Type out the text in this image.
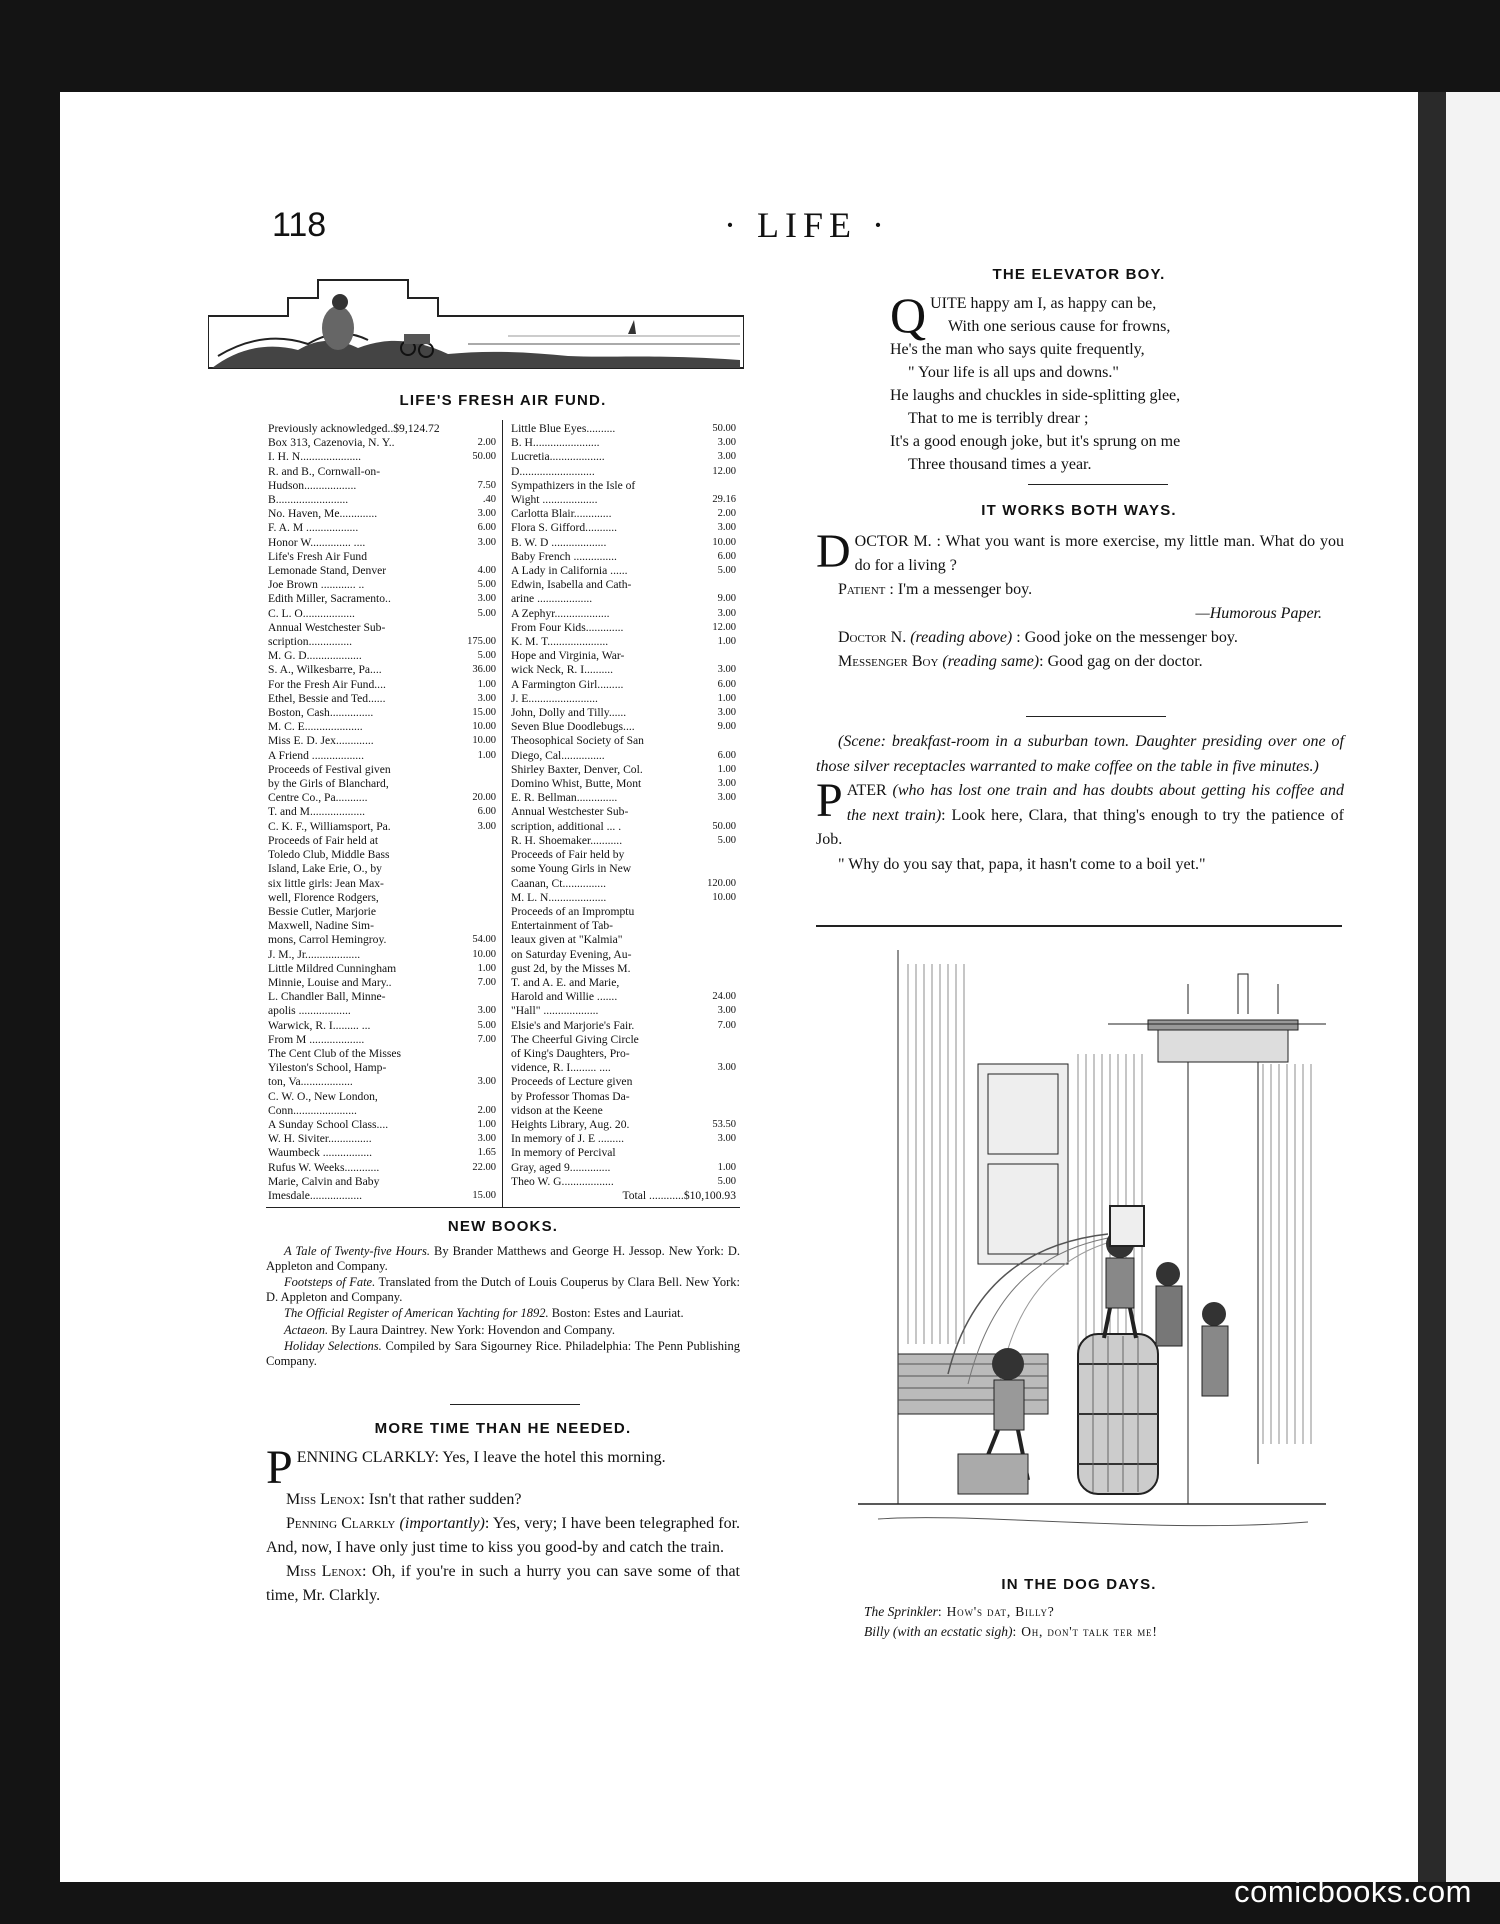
118	· LIFE ·
LIFE'S FRESH AIR FUND.
Previously acknowledged..$9,124.72
Box 313, Cazenovia, N. Y..	2.00
I. H. N.....................	50.00
R. and B., Cornwall-on-
Hudson..................	7.50
B.........................	.40
No. Haven, Me.............	3.00
F. A. M ..................	6.00
Honor W.............. ....	3.00
Life's Fresh Air Fund
Lemonade Stand, Denver	4.00
Joe Brown ............ ..	5.00
Edith Miller, Sacramento..	3.00
C. L. O..................	5.00
Annual Westchester Sub-
scription...............	175.00
M. G. D...................	5.00
S. A., Wilkesbarre, Pa....	36.00
For the Fresh Air Fund....	1.00
Ethel, Bessie and Ted......	3.00
Boston, Cash...............	15.00
M. C. E....................	10.00
Miss E. D. Jex.............	10.00
A Friend ..................	1.00
Proceeds of Festival given
by the Girls of Blanchard,
Centre Co., Pa...........	20.00
T. and M...................	6.00
C. K. F., Williamsport, Pa.	3.00
Proceeds of Fair held at
Toledo Club, Middle Bass
Island, Lake Erie, O., by
six little girls: Jean Max-
well, Florence Rodgers,
Bessie Cutler, Marjorie
Maxwell, Nadine Sim-
mons, Carrol Hemingroy.	54.00
J. M., Jr...................	10.00
Little Mildred Cunningham	1.00
Minnie, Louise and Mary..	7.00
L. Chandler Ball, Minne-
apolis ..................	3.00
Warwick, R. I......... ...	5.00
From M ...................	7.00
The Cent Club of the Misses
Yileston's School, Hamp-
ton, Va..................	3.00
C. W. O., New London,
Conn......................	2.00
A Sunday School Class....	1.00
W. H. Siviter...............	3.00
Waumbeck .................	1.65
Rufus W. Weeks............	22.00
Marie, Calvin and Baby
Imesdale..................	15.00
Little Blue Eyes..........	50.00
B. H.......................	3.00
Lucretia...................	3.00
D..........................	12.00
Sympathizers in the Isle of
Wight ...................	29.16
Carlotta Blair.............	2.00
Flora S. Gifford...........	3.00
B. W. D ...................	10.00
Baby French ...............	6.00
A Lady in California ......	5.00
Edwin, Isabella and Cath-
arine ...................	9.00
A Zephyr...................	3.00
From Four Kids.............	12.00
K. M. T.....................	1.00
Hope and Virginia, War-
wick Neck, R. I..........	3.00
A Farmington Girl.........	6.00
J. E........................	1.00
John, Dolly and Tilly......	3.00
Seven Blue Doodlebugs....	9.00
Theosophical Society of San
Diego, Cal...............	6.00
Shirley Baxter, Denver, Col.	1.00
Domino Whist, Butte, Mont	3.00
E. R. Bellman..............	3.00
Annual Westchester Sub-
scription, additional ... .	50.00
R. H. Shoemaker...........	5.00
Proceeds of Fair held by
some Young Girls in New
Caanan, Ct...............	120.00
M. L. N....................	10.00
Proceeds of an Impromptu
Entertainment of Tab-
leaux given at "Kalmia"
on Saturday Evening, Au-
gust 2d, by the Misses M.
T. and A. E. and Marie,
Harold and Willie .......	24.00
"Hall" ...................	3.00
Elsie's and Marjorie's Fair.	7.00
The Cheerful Giving Circle
of King's Daughters, Pro-
vidence, R. I......... ....	3.00
Proceeds of Lecture given
by Professor Thomas Da-
vidson at the Keene
Heights Library, Aug. 20.	53.50
In memory of J. E .........	3.00
In memory of Percival
Gray, aged 9..............	1.00
Theo W. G..................	5.00
Total ............$10,100.93
NEW BOOKS.

A Tale of Twenty-five Hours. By Brander Matthews and George H. Jessop. New York: D. Appleton and Company.

Footsteps of Fate. Translated from the Dutch of Louis Couperus by Clara Bell. New York: D. Appleton and Company.

The Official Register of American Yachting for 1892. Boston: Estes and Lauriat.

Actaeon. By Laura Daintrey. New York: Hovendon and Company.

Holiday Selections. Compiled by Sara Sigourney Rice. Philadelphia: The Penn Publishing Company.

MORE TIME THAN HE NEEDED.

PENNING CLARKLY: Yes, I leave the hotel this morning.

Miss Lenox: Isn't that rather sudden?

Penning Clarkly (importantly): Yes, very; I have been telegraphed for. And, now, I have only just time to kiss you good-by and catch the train.

Miss Lenox: Oh, if you're in such a hurry you can save some of that time, Mr. Clarkly.

THE ELEVATOR BOY.
QUITE happy am I, as happy can be,
With one serious cause for frowns,
He's the man who says quite frequently,
" Your life is all ups and downs."
He laughs and chuckles in side-splitting glee,
That to me is terribly drear ;
It's a good enough joke, but it's sprung on me
Three thousand times a year.
IT WORKS BOTH WAYS.

DOCTOR M. : What you want is more exercise, my little man. What do you do for a living ?

Patient : I'm a messenger boy.

—Humorous Paper.

Doctor N. (reading above) : Good joke on the messenger boy.

Messenger Boy (reading same): Good gag on der doctor.

(Scene: breakfast-room in a suburban town. Daughter presiding over one of those silver receptacles warranted to make coffee on the table in five minutes.)

PATER (who has lost one train and has doubts about getting his coffee and the next train): Look here, Clara, that thing's enough to try the patience of Job.

" Why do you say that, papa, it hasn't come to a boil yet."

IN THE DOG DAYS.
The Sprinkler: How's dat, Billy?
Billy (with an ecstatic sigh): Oh, don't talk ter me!
comicbooks.com
